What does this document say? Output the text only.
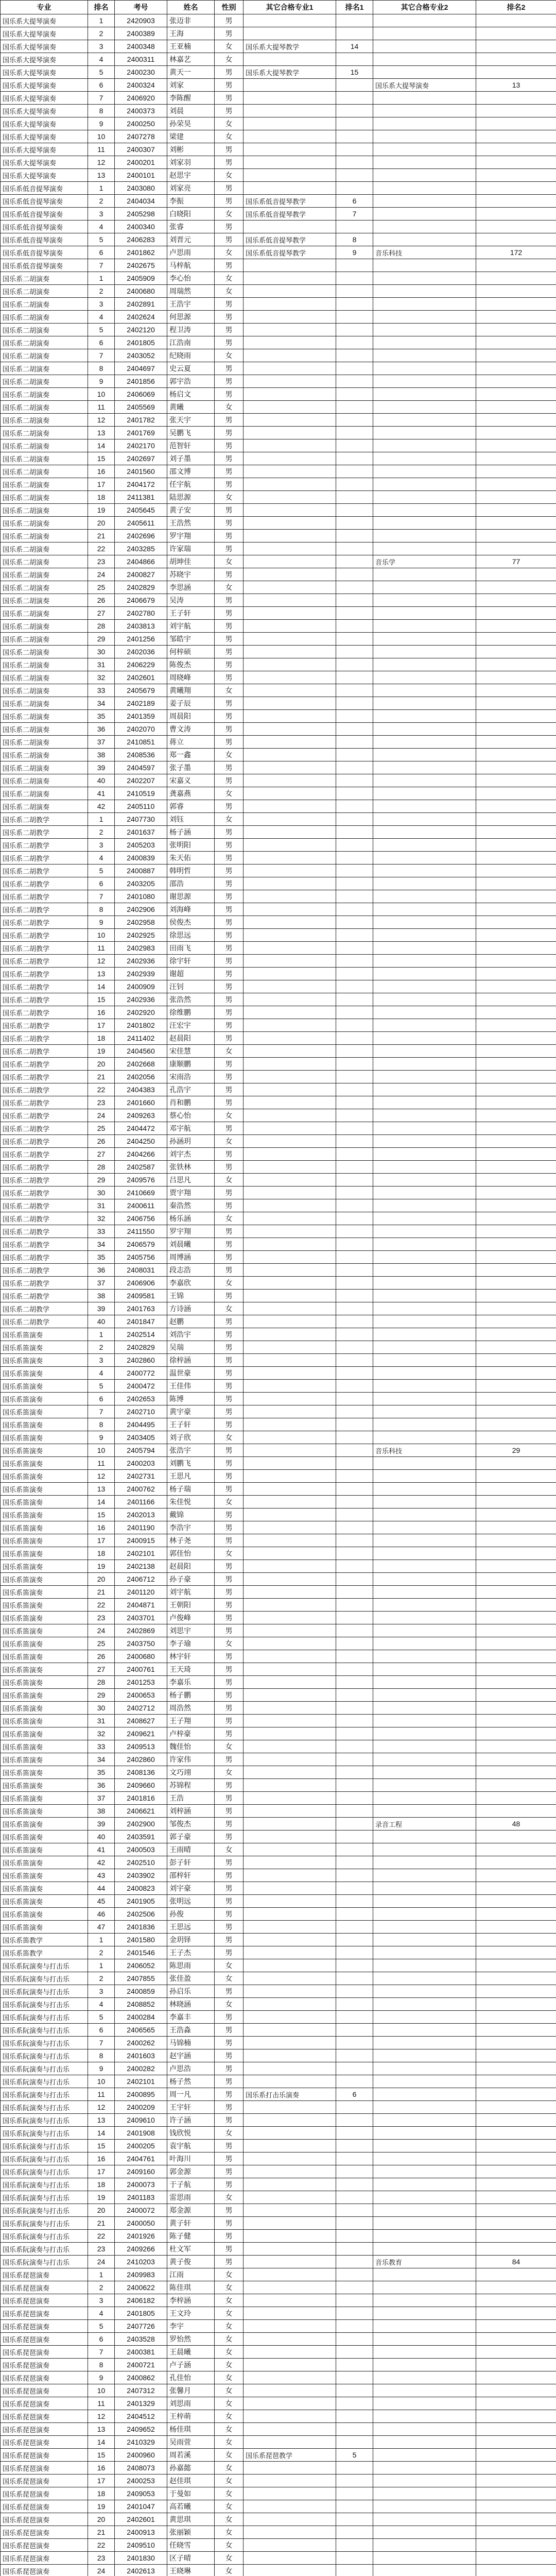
专业	排名	考号	姓名	性别	其它合格专业1	排名1	其它合格专业2	排名2
国乐系大提琴演奏	1	2420903	张迈非	男				
国乐系大提琴演奏	2	2400389	王海	男				
国乐系大提琴演奏	3	2400348	王亚楠	女	国乐系大提琴教学	14		
国乐系大提琴演奏	4	2400311	林嘉艺	女				
国乐系大提琴演奏	5	2400230	黄天一	男	国乐系大提琴教学	15		
国乐系大提琴演奏	6	2400324	刘家	男			国乐系大提琴演奏	13
国乐系大提琴演奏	7	2406920	李陈醒	男				
国乐系大提琴演奏	8	2400373	刘晨	男				
国乐系大提琴演奏	9	2400250	孙荣昊	女				
国乐系大提琴演奏	10	2407278	梁建	女				
国乐系大提琴演奏	11	2400307	刘彬	男				
国乐系大提琴演奏	12	2400201	刘家羽	男				
国乐系大提琴演奏	13	2400101	赵思宇	女				
国乐系低音提琴演奏	1	2403080	刘家亮	男				
国乐系低音提琴演奏	2	2404034	李振	男	国乐系低音提琴教学	6		
国乐系低音提琴演奏	3	2405298	白晓阳	女	国乐系低音提琴教学	7		
国乐系低音提琴演奏	4	2400340	张睿	男				
国乐系低音提琴演奏	5	2406283	刘晋元	男	国乐系低音提琴教学	8		
国乐系低音提琴演奏	6	2401862	卢思雨	女	国乐系低音提琴教学	9	音乐科技	172
国乐系低音提琴演奏	7	2402675	马梓航	男				
国乐系二胡演奏	1	2405909	李心怡	女				
国乐系二胡演奏	2	2400680	周瑞然	女				
国乐系二胡演奏	3	2402891	王浩宇	男				
国乐系二胡演奏	4	2402624	何思源	男				
国乐系二胡演奏	5	2402120	程卫涛	男				
国乐系二胡演奏	6	2401805	江浩南	男				
国乐系二胡演奏	7	2403052	纪晓雨	女				
国乐系二胡演奏	8	2404697	史云夏	男				
国乐系二胡演奏	9	2401856	郭宇浩	男				
国乐系二胡演奏	10	2406069	杨启文	男				
国乐系二胡演奏	11	2405569	黄曦	女				
国乐系二胡演奏	12	2401782	张天宇	男				
国乐系二胡演奏	13	2401769	吴鹏飞	男				
国乐系二胡演奏	14	2402170	范智轩	男				
国乐系二胡演奏	15	2402697	刘子墨	男				
国乐系二胡演奏	16	2401560	邵文博	男				
国乐系二胡演奏	17	2404172	任宇航	男				
国乐系二胡演奏	18	2411381	陆思源	女				
国乐系二胡演奏	19	2405645	黄子安	男				
国乐系二胡演奏	20	2405611	王浩然	男				
国乐系二胡演奏	21	2402696	罗宇翔	男				
国乐系二胡演奏	22	2403285	许家瑞	男				
国乐系二胡演奏	23	2404866	胡坤佳	女			音乐学	77
国乐系二胡演奏	24	2400827	苏晓宇	男				
国乐系二胡演奏	25	2402829	李思涵	女				
国乐系二胡演奏	26	2406679	吴涛	男				
国乐系二胡演奏	27	2402780	王子轩	男				
国乐系二胡演奏	28	2403813	刘宇航	男				
国乐系二胡演奏	29	2401256	邹皓宇	男				
国乐系二胡演奏	30	2402036	何梓硕	男				
国乐系二胡演奏	31	2406229	陈俊杰	男				
国乐系二胡演奏	32	2402601	周晓峰	男				
国乐系二胡演奏	33	2405679	黄曦翔	女				
国乐系二胡演奏	34	2402189	姜子辰	男				
国乐系二胡演奏	35	2401359	周晨阳	男				
国乐系二胡演奏	36	2402070	曹文涛	男				
国乐系二胡演奏	37	2410851	蒋立	男				
国乐系二胡演奏	38	2408536	郑一鑫	女				
国乐系二胡演奏	39	2404597	张子墨	男				
国乐系二胡演奏	40	2402207	宋嘉义	男				
国乐系二胡演奏	41	2410519	龚嘉燕	女				
国乐系二胡演奏	42	2405110	郭睿	男				
国乐系二胡教学	1	2407730	刘钰	女				
国乐系二胡教学	2	2401637	杨子涵	男				
国乐系二胡教学	3	2405203	张明阳	男				
国乐系二胡教学	4	2400839	朱天佑	男				
国乐系二胡教学	5	2400887	韩明哲	男				
国乐系二胡教学	6	2403205	邵浩	男				
国乐系二胡教学	7	2401080	谢思源	男				
国乐系二胡教学	8	2402906	刘海峰	男				
国乐系二胡教学	9	2402958	侯俊杰	男				
国乐系二胡教学	10	2402925	徐思远	男				
国乐系二胡教学	11	2402983	田雨飞	男				
国乐系二胡教学	12	2402936	徐宇轩	男				
国乐系二胡教学	13	2402939	谢超	男				
国乐系二胡教学	14	2400909	汪钊	男				
国乐系二胡教学	15	2402936	张浩然	男				
国乐系二胡教学	16	2402920	徐维鹏	男				
国乐系二胡教学	17	2401802	汪宏宇	男				
国乐系二胡教学	18	2411402	赵晨阳	男				
国乐系二胡教学	19	2404560	宋佳慧	女				
国乐系二胡教学	20	2402668	康顺鹏	男				
国乐系二胡教学	21	2402056	宋雨浩	男				
国乐系二胡教学	22	2404383	孔浩宇	男				
国乐系二胡教学	23	2401660	肖和鹏	男				
国乐系二胡教学	24	2409263	蔡心怡	女				
国乐系二胡教学	25	2404472	邓宇航	男				
国乐系二胡教学	26	2404250	孙涵玥	女				
国乐系二胡教学	27	2404266	刘宇杰	男				
国乐系二胡教学	28	2402587	张铁林	男				
国乐系二胡教学	29	2409576	吕思凡	女				
国乐系二胡教学	30	2410669	贾宇翔	男				
国乐系二胡教学	31	2400611	秦浩然	男				
国乐系二胡教学	32	2406756	杨乐涵	女				
国乐系二胡教学	33	2411550	罗宇翔	男				
国乐系二胡教学	34	2406579	刘晨曦	男				
国乐系二胡教学	35	2405756	周博涵	男				
国乐系二胡教学	36	2408031	段志浩	男				
国乐系二胡教学	37	2406906	李嘉欣	女				
国乐系二胡教学	38	2409581	王锦	男				
国乐系二胡教学	39	2401763	方诗涵	女				
国乐系二胡教学	40	2401847	赵鹏	男				
国乐系笛演奏	1	2402514	刘浩宇	男				
国乐系笛演奏	2	2402829	吴瑞	男				
国乐系笛演奏	3	2402860	徐梓涵	男				
国乐系笛演奏	4	2400772	温世豪	男				
国乐系笛演奏	5	2400472	王佳伟	男				
国乐系笛演奏	6	2402653	陈博	男				
国乐系笛演奏	7	2402710	黄宇豪	男				
国乐系笛演奏	8	2404495	王子轩	男				
国乐系笛演奏	9	2403405	刘子欣	女				
国乐系笛演奏	10	2405794	张浩宇	男			音乐科技	29
国乐系笛演奏	11	2400203	刘鹏飞	男				
国乐系笛演奏	12	2402731	王思凡	男				
国乐系笛演奏	13	2400762	杨子瑞	男				
国乐系笛演奏	14	2401166	朱佳悦	女				
国乐系笛演奏	15	2402013	戴锦	男				
国乐系笛演奏	16	2401190	李浩宇	男				
国乐系笛演奏	17	2400915	林子尧	男				
国乐系笛演奏	18	2402101	郭佳怡	女				
国乐系笛演奏	19	2402138	赵晨阳	男				
国乐系笛演奏	20	2406712	孙子豪	男				
国乐系笛演奏	21	2401120	刘宇航	男				
国乐系笛演奏	22	2404871	王朝阳	男				
国乐系笛演奏	23	2403701	卢俊峰	男				
国乐系笛演奏	24	2402869	刘思宇	男				
国乐系笛演奏	25	2403750	李子瑜	女				
国乐系笛演奏	26	2400680	林宇轩	男				
国乐系笛演奏	27	2400761	王天琦	男				
国乐系笛演奏	28	2401253	李嘉乐	男				
国乐系笛演奏	29	2400653	杨子鹏	男				
国乐系笛演奏	30	2402712	周浩然	男				
国乐系笛演奏	31	2408627	王子翔	男				
国乐系笛演奏	32	2409621	卢梓豪	男				
国乐系笛演奏	33	2409513	魏佳怡	女				
国乐系笛演奏	34	2402860	许家伟	男				
国乐系笛演奏	35	2408136	文巧翊	女				
国乐系笛演奏	36	2409660	苏锦程	男				
国乐系笛演奏	37	2401816	王浩	男				
国乐系笛演奏	38	2406621	刘梓涵	男				
国乐系笛演奏	39	2402900	邹俊杰	男			录音工程	48
国乐系笛演奏	40	2403591	郭子豪	男				
国乐系笛演奏	41	2400503	王雨晴	女				
国乐系笛演奏	42	2402510	彭子轩	男				
国乐系笛演奏	43	2403902	邵梓轩	男				
国乐系笛演奏	44	2400823	刘宇豪	男				
国乐系笛演奏	45	2401905	张明远	男				
国乐系笛演奏	46	2402506	孙俊	男				
国乐系笛演奏	47	2401836	王思远	男				
国乐系笛教学	1	2401580	金玥铎	男				
国乐系笛教学	2	2401546	王子杰	男				
国乐系阮演奏与打击乐	1	2406052	陈思雨	女				
国乐系阮演奏与打击乐	2	2407855	张佳盈	女				
国乐系阮演奏与打击乐	3	2400859	孙启乐	男				
国乐系阮演奏与打击乐	4	2408852	林晓涵	女				
国乐系阮演奏与打击乐	5	2400284	李嘉丰	男				
国乐系阮演奏与打击乐	6	2406565	王浩淼	男				
国乐系阮演奏与打击乐	7	2400262	马锦楠	男				
国乐系阮演奏与打击乐	8	2401603	赵宇涵	男				
国乐系阮演奏与打击乐	9	2400282	卢思浩	男				
国乐系阮演奏与打击乐	10	2402101	杨子然	男				
国乐系阮演奏与打击乐	11	2400895	周一凡	男	国乐系打击乐演奏	6		
国乐系阮演奏与打击乐	12	2400209	王宇轩	男				
国乐系阮演奏与打击乐	13	2409610	许子涵	男				
国乐系阮演奏与打击乐	14	2401908	钱欣悦	女				
国乐系阮演奏与打击乐	15	2400205	袁宇航	男				
国乐系阮演奏与打击乐	16	2404761	叶海川	男				
国乐系阮演奏与打击乐	17	2409160	郭金源	男				
国乐系阮演奏与打击乐	18	2400073	于子航	男				
国乐系阮演奏与打击乐	19	2401183	雷思雨	女				
国乐系阮演奏与打击乐	20	2400072	郑金源	男				
国乐系阮演奏与打击乐	21	2400050	黄子轩	男				
国乐系阮演奏与打击乐	22	2401926	陈子健	男				
国乐系阮演奏与打击乐	23	2409266	杜文军	男				
国乐系阮演奏与打击乐	24	2410203	黄子俊	男			音乐教育	84
国乐系琵琶演奏	1	2409983	江雨	女				
国乐系琵琶演奏	2	2400622	陈佳琪	女				
国乐系琵琶演奏	3	2406182	李梓涵	女				
国乐系琵琶演奏	4	2401805	王文玲	女				
国乐系琵琶演奏	5	2407726	李宇	女				
国乐系琵琶演奏	6	2403528	罗怡然	女				
国乐系琵琶演奏	7	2400381	王晨曦	女				
国乐系琵琶演奏	8	2400721	卢子涵	女				
国乐系琵琶演奏	9	2400862	孔佳怡	女				
国乐系琵琶演奏	10	2407312	张馨月	女				
国乐系琵琶演奏	11	2401329	刘思雨	女				
国乐系琵琶演奏	12	2404512	王梓萌	女				
国乐系琵琶演奏	13	2409652	杨佳琪	女				
国乐系琵琶演奏	14	2410329	吴雨萱	女				
国乐系琵琶演奏	15	2400960	周若溪	女	国乐系琵琶教学	5		
国乐系琵琶演奏	16	2408073	孙嘉懿	女				
国乐系琵琶演奏	17	2400253	赵佳琪	女				
国乐系琵琶演奏	18	2409053	于曼如	女				
国乐系琵琶演奏	19	2401047	高若曦	女				
国乐系琵琶演奏	20	2402601	黄思琪	女				
国乐系琵琶演奏	21	2400913	张丽颖	女				
国乐系琵琶演奏	22	2409510	任晓雪	女				
国乐系琵琶演奏	23	2401830	区子晴	女				
国乐系琵琶演奏	24	2402613	王晓琳	女				
